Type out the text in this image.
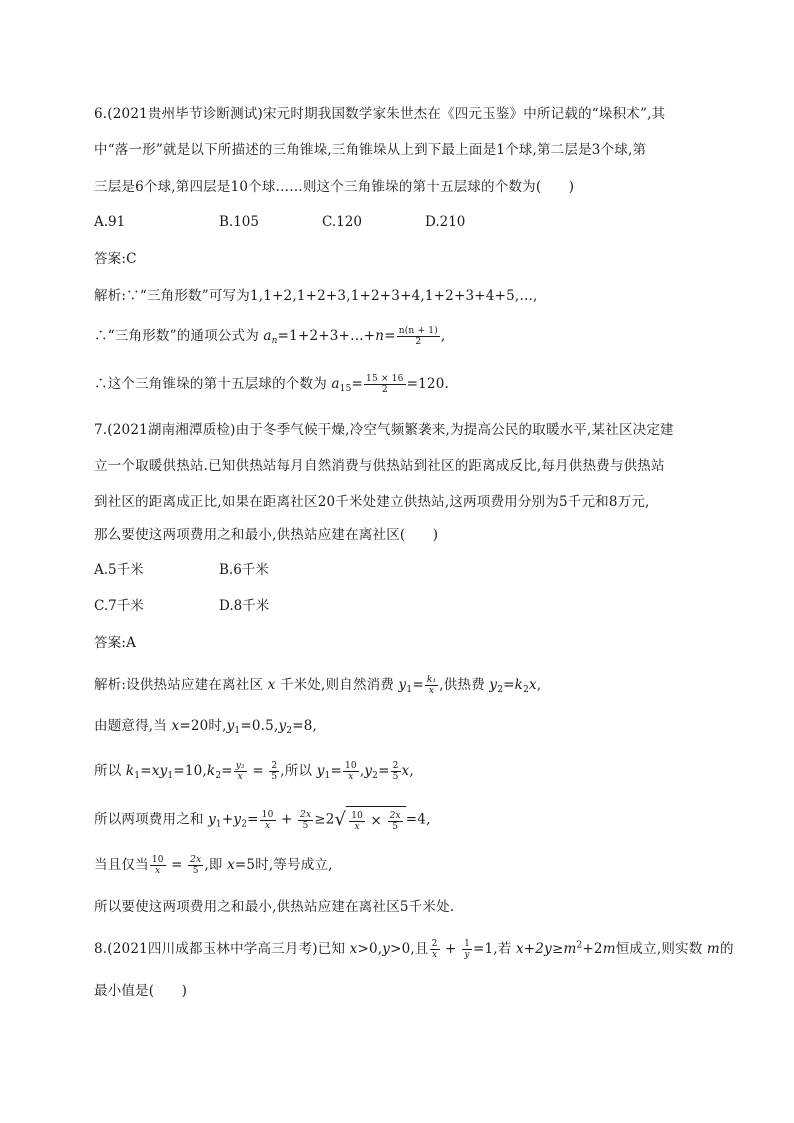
6.(2021贵州毕节诊断测试)宋元时期我国数学家朱世杰在《四元玉鉴》中所记载的“垛积术”,其
中“落一形”就是以下所描述的三角锥垛,三角锥垛从上到下最上面是1个球,第二层是3个球,第
三层是6个球,第四层是10个球……则这个三角锥垛的第十五层球的个数为(　　)
A.91	B.105	C.120	D.210
答案:C
解析:∵“三角形数”可写为1,1+2,1+2+3,1+2+3+4,1+2+3+4+5,…,
∴“三角形数”的通项公式为 $a_n=1+2+3+\dots+n= \frac{n(n + 1)}{2}$ ,
∴这个三角锥垛的第十五层球的个数为 $a_{15}= \frac{15 \times 16}{2} =120$.
7.(2021湖南湘潭质检)由于冬季气候干燥,冷空气频繁袭来,为提高公民的取暖水平,某社区决定建
立一个取暖供热站.已知供热站每月自然消费与供热站到社区的距离成反比,每月供热费与供热站
到社区的距离成正比,如果在距离社区20千米处建立供热站,这两项费用分别为5千元和8万元,
那么要使这两项费用之和最小,供热站应建在离社区(　　)
A.5千米	B.6千米
C.7千米	D.8千米
答案:A
解析:设供热站应建在离社区 x 千米处,则自然消费 $y_1= \frac{\text{k₁}}{x}$ ,供热费 $y_2=k_2x$,
由题意得,当 x=20时$,y_1=0.5,y_2=8$,
所以 $k_1=xy_1=10,k_2= \frac{\text{y₂}}{x} = \frac{2}{5}$ ,所以 $y_1= \frac{10}{x} ,y_2= \frac{2}{5} x$,
所以两项费用之和 $y_1+y_2= \frac{10}{x} + \frac{2x}{5} \ge 2√ \frac{10}{x} \times \frac{2x}{5} =4$,
当且仅当 $\frac{10}{x} = \frac{2x}{5}$ ,即 x=5时,等号成立,
所以要使这两项费用之和最小,供热站应建在离社区5千米处.
8.(2021四川成都玉林中学高三月考)已知 x>0,y>0,且 $\frac{2}{x} + \frac{1}{y} =1$,若 $x+2y\ge m^2+2m$恒成立,则实数 m的
最小值是(　　)
